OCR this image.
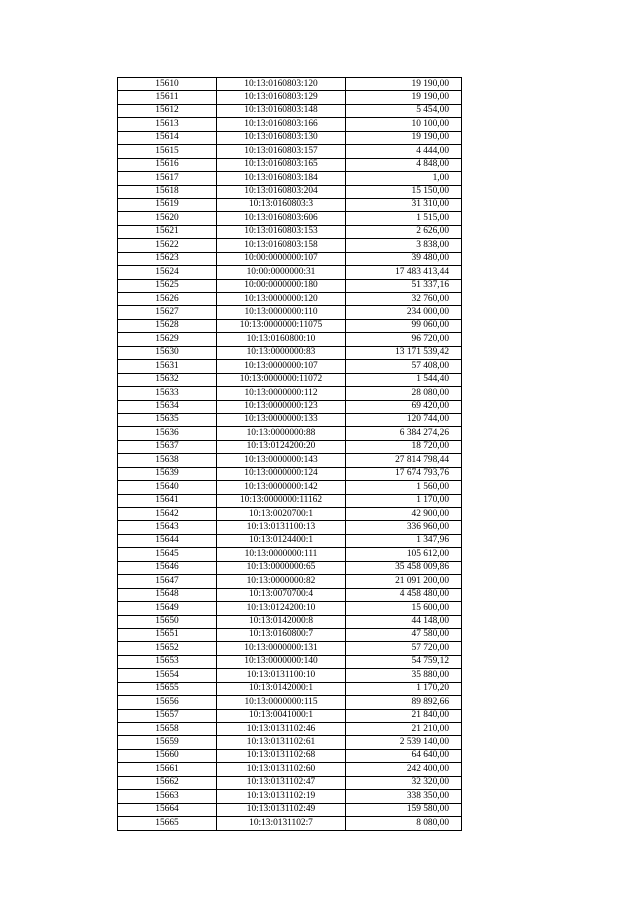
15610	10:13:0160803:120	19 190,00
15611	10:13:0160803:129	19 190,00
15612	10:13:0160803:148	5 454,00
15613	10:13:0160803:166	10 100,00
15614	10:13:0160803:130	19 190,00
15615	10:13:0160803:157	4 444,00
15616	10:13:0160803:165	4 848,00
15617	10:13:0160803:184	1,00
15618	10:13:0160803:204	15 150,00
15619	10:13:0160803:3	31 310,00
15620	10:13:0160803:606	1 515,00
15621	10:13:0160803:153	2 626,00
15622	10:13:0160803:158	3 838,00
15623	10:00:0000000:107	39 480,00
15624	10:00:0000000:31	17 483 413,44
15625	10:00:0000000:180	51 337,16
15626	10:13:0000000:120	32 760,00
15627	10:13:0000000:110	234 000,00
15628	10:13:0000000:11075	99 060,00
15629	10:13:0160800:10	96 720,00
15630	10:13:0000000:83	13 171 539,42
15631	10:13:0000000:107	57 408,00
15632	10:13:0000000:11072	1 544,40
15633	10:13:0000000:112	28 080,00
15634	10:13:0000000:123	69 420,00
15635	10:13:0000000:133	120 744,00
15636	10:13:0000000:88	6 384 274,26
15637	10:13:0124200:20	18 720,00
15638	10:13:0000000:143	27 814 798,44
15639	10:13:0000000:124	17 674 793,76
15640	10:13:0000000:142	1 560,00
15641	10:13:0000000:11162	1 170,00
15642	10:13:0020700:1	42 900,00
15643	10:13:0131100:13	336 960,00
15644	10:13:0124400:1	1 347,96
15645	10:13:0000000:111	105 612,00
15646	10:13:0000000:65	35 458 009,86
15647	10:13:0000000:82	21 091 200,00
15648	10:13:0070700:4	4 458 480,00
15649	10:13:0124200:10	15 600,00
15650	10:13:0142000:8	44 148,00
15651	10:13:0160800:7	47 580,00
15652	10:13:0000000:131	57 720,00
15653	10:13:0000000:140	54 759,12
15654	10:13:0131100:10	35 880,00
15655	10:13:0142000:1	1 170,20
15656	10:13:0000000:115	89 892,66
15657	10:13:0041000:1	21 840,00
15658	10:13:0131102:46	21 210,00
15659	10:13:0131102:61	2 539 140,00
15660	10:13:0131102:68	64 640,00
15661	10:13:0131102:60	242 400,00
15662	10:13:0131102:47	32 320,00
15663	10:13:0131102:19	338 350,00
15664	10:13:0131102:49	159 580,00
15665	10:13:0131102:7	8 080,00
